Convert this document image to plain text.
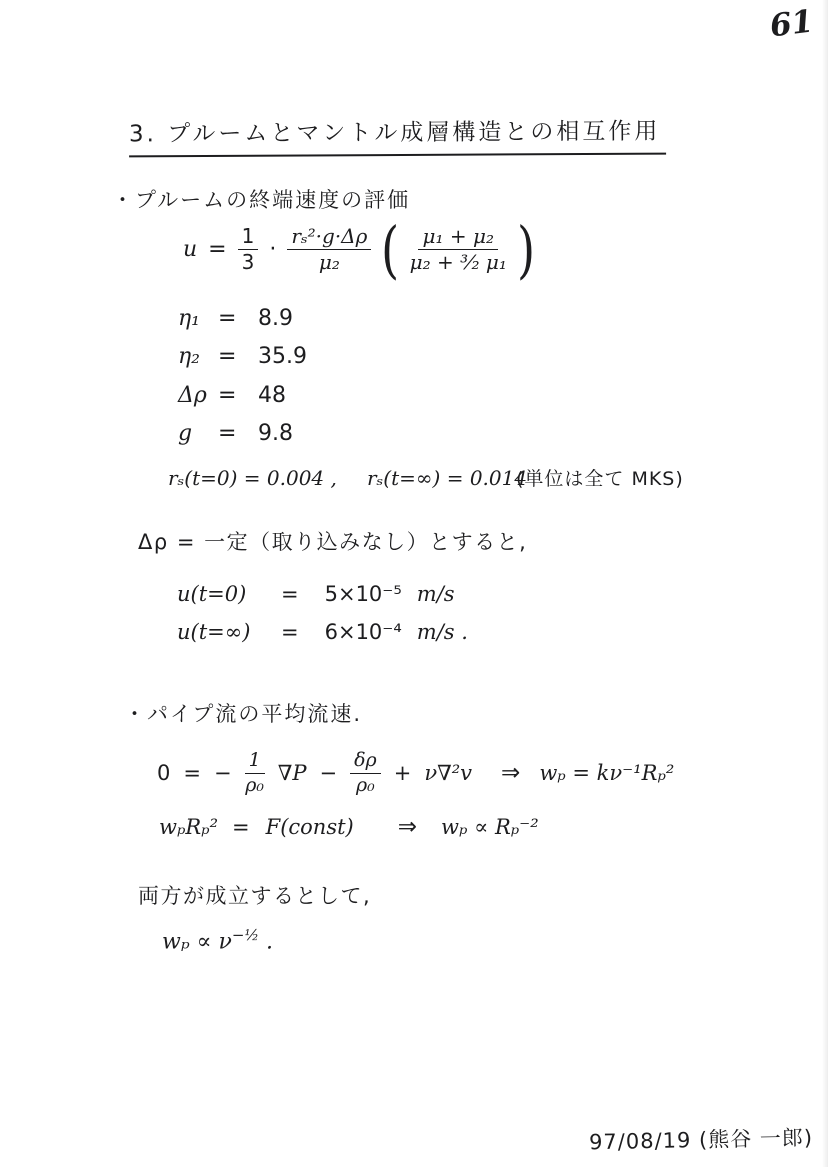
61
3. プルームとマントル成層構造との相互作用
・プルームの終端速度の評価
$u = \frac{1}{3} \cdot \frac{\text{rₛ²·g·Δρ}}{\text{μ₂}}$ ( $\frac{\text{μ₁ + μ₂}}{\text{μ₂ + ³⁄₂ μ₁}}$ )
η₁ = 8.9
η₂ = 35.9
Δρ = 48
g	= 9.8
rₛ(t=0) = 0.004 ,	rₛ(t=∞) = 0.014
(単位は全て MKS)
Δρ = 一定（取り込みなし）とすると,
u(t=0)	= 5×10⁻⁵ m/s
u(t=∞)	= 6×10⁻⁴ m/s .
・パイプ流の平均流速.
0 = − $\frac{1}{\text{ρ₀}} \nabla P - \frac{\delta\rho}{\text{ρ₀}} + \nu\nabla^2v$ ⇒ wₚ = kν⁻¹Rₚ²
wₚRₚ² = F(const) ⇒ wₚ ∝ Rₚ⁻²
両方が成立するとして,
$w_p \propto \nu^{-\frac{1}{2}}$ .
97/08/19 (熊谷 一郎)
